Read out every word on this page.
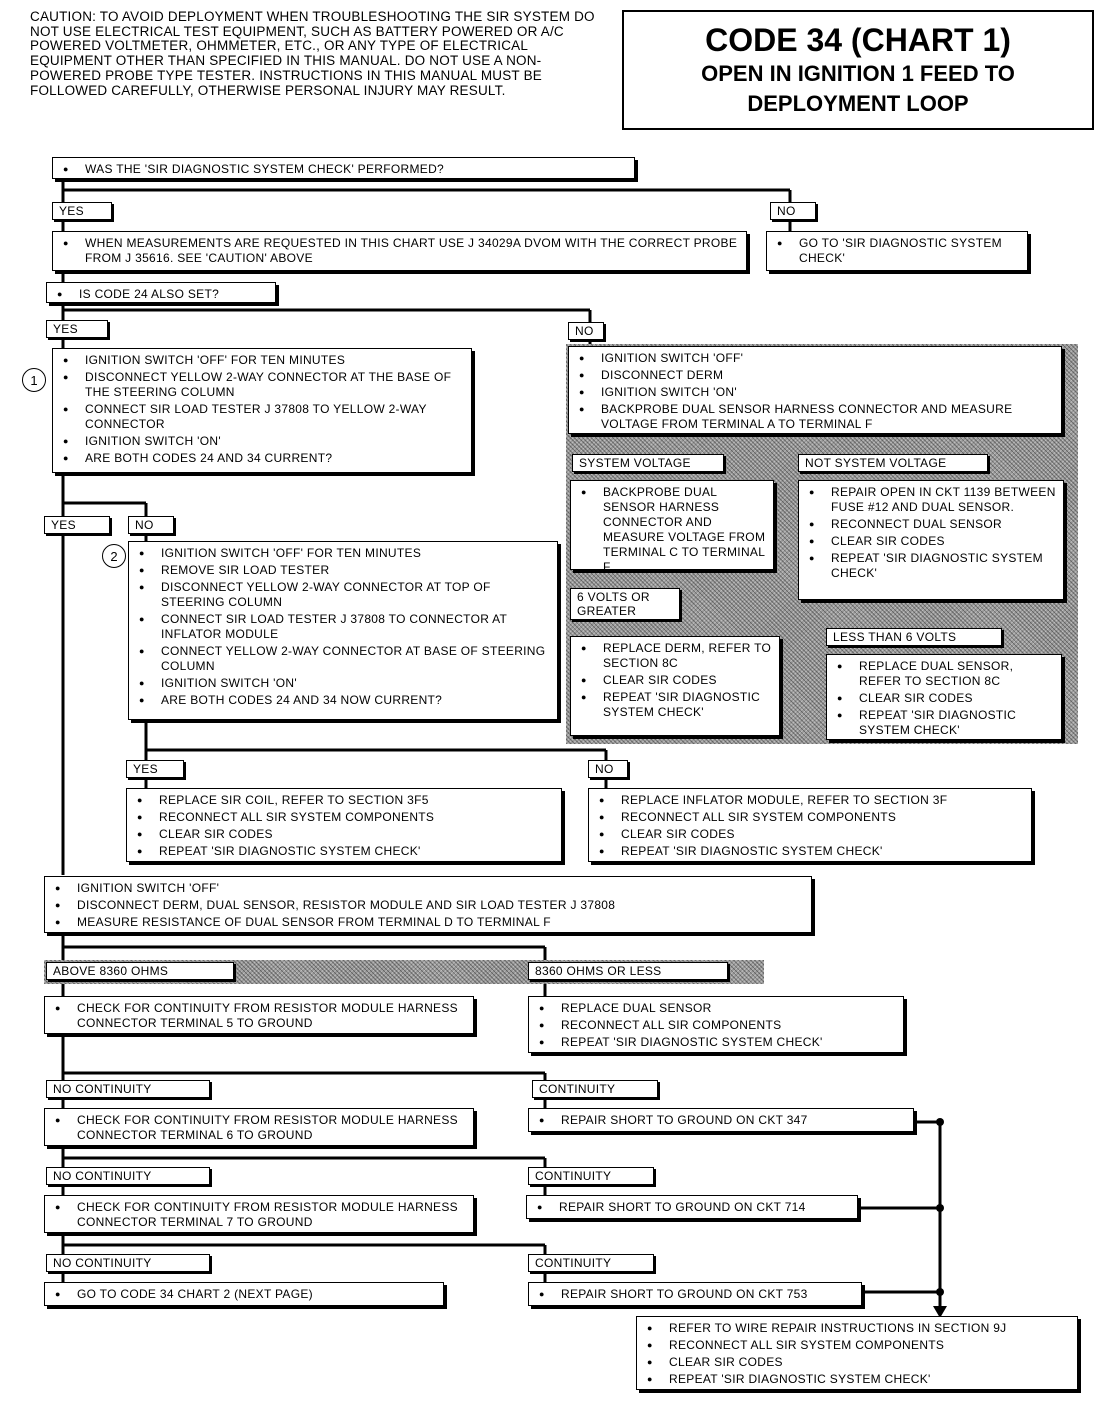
CAUTION: TO AVOID DEPLOYMENT WHEN TROUBLESHOOTING THE SIR SYSTEM DO NOT USE ELECTRICAL TEST EQUIPMENT, SUCH AS BATTERY POWERED OR A/C POWERED VOLTMETER, OHMMETER, ETC., OR ANY TYPE OF ELECTRICAL EQUIPMENT OTHER THAN SPECIFIED IN THIS MANUAL. DO NOT USE A NON-POWERED PROBE TYPE TESTER. INSTRUCTIONS IN THIS MANUAL MUST BE FOLLOWED CAREFULLY, OTHERWISE PERSONAL INJURY MAY RESULT.
CODE 34 (CHART 1)
OPEN IN IGNITION 1 FEED TO
DEPLOYMENT LOOP
1
2
● WAS THE 'SIR DIAGNOSTIC SYSTEM CHECK' PERFORMED?
YES	NO
● WHEN MEASUREMENTS ARE REQUESTED IN THIS CHART USE J 34029A DVOM WITH THE CORRECT PROBE FROM J 35616. SEE 'CAUTION' ABOVE
● GO TO 'SIR DIAGNOSTIC SYSTEM CHECK'
● IS CODE 24 ALSO SET?
YES	NO
● IGNITION SWITCH 'OFF' FOR TEN MINUTES
● DISCONNECT YELLOW 2-WAY CONNECTOR AT THE BASE OF THE STEERING COLUMN
● CONNECT SIR LOAD TESTER J 37808 TO YELLOW 2-WAY CONNECTOR
● IGNITION SWITCH 'ON'
● ARE BOTH CODES 24 AND 34 CURRENT?
● IGNITION SWITCH 'OFF'
● DISCONNECT DERM
● IGNITION SWITCH 'ON'
● BACKPROBE DUAL SENSOR HARNESS CONNECTOR AND MEASURE VOLTAGE FROM TERMINAL A TO TERMINAL F
SYSTEM VOLTAGE	NOT SYSTEM VOLTAGE
● BACKPROBE DUAL SENSOR HARNESS CONNECTOR AND MEASURE VOLTAGE FROM TERMINAL C TO TERMINAL F
● REPAIR OPEN IN CKT 1139 BETWEEN FUSE #12 AND DUAL SENSOR.
● RECONNECT DUAL SENSOR
● CLEAR SIR CODES
● REPEAT 'SIR DIAGNOSTIC SYSTEM CHECK'
6 VOLTS OR GREATER
LESS THAN 6 VOLTS
● REPLACE DERM, REFER TO SECTION 8C
● CLEAR SIR CODES
● REPEAT 'SIR DIAGNOSTIC SYSTEM CHECK'
● REPLACE DUAL SENSOR, REFER TO SECTION 8C
● CLEAR SIR CODES
● REPEAT 'SIR DIAGNOSTIC SYSTEM CHECK'
YES	NO
● IGNITION SWITCH 'OFF' FOR TEN MINUTES
● REMOVE SIR LOAD TESTER
● DISCONNECT YELLOW 2-WAY CONNECTOR AT TOP OF STEERING COLUMN
● CONNECT SIR LOAD TESTER J 37808 TO CONNECTOR AT INFLATOR MODULE
● CONNECT YELLOW 2-WAY CONNECTOR AT BASE OF STEERING COLUMN
● IGNITION SWITCH 'ON'
● ARE BOTH CODES 24 AND 34 NOW CURRENT?
YES	NO
● REPLACE SIR COIL, REFER TO SECTION 3F5
● RECONNECT ALL SIR SYSTEM COMPONENTS
● CLEAR SIR CODES
● REPEAT 'SIR DIAGNOSTIC SYSTEM CHECK'
● REPLACE INFLATOR MODULE, REFER TO SECTION 3F
● RECONNECT ALL SIR SYSTEM COMPONENTS
● CLEAR SIR CODES
● REPEAT 'SIR DIAGNOSTIC SYSTEM CHECK'
● IGNITION SWITCH 'OFF'
● DISCONNECT DERM, DUAL SENSOR, RESISTOR MODULE AND SIR LOAD TESTER J 37808
● MEASURE RESISTANCE OF DUAL SENSOR FROM TERMINAL D TO TERMINAL F
ABOVE 8360 OHMS	8360 OHMS OR LESS
● CHECK FOR CONTINUITY FROM RESISTOR MODULE HARNESS CONNECTOR TERMINAL 5 TO GROUND
● REPLACE DUAL SENSOR
● RECONNECT ALL SIR COMPONENTS
● REPEAT 'SIR DIAGNOSTIC SYSTEM CHECK'
NO CONTINUITY	CONTINUITY
● CHECK FOR CONTINUITY FROM RESISTOR MODULE HARNESS CONNECTOR TERMINAL 6 TO GROUND
● REPAIR SHORT TO GROUND ON CKT 347
NO CONTINUITY	CONTINUITY
● CHECK FOR CONTINUITY FROM RESISTOR MODULE HARNESS CONNECTOR TERMINAL 7 TO GROUND
● REPAIR SHORT TO GROUND ON CKT 714
NO CONTINUITY	CONTINUITY
● GO TO CODE 34 CHART 2 (NEXT PAGE)
●	REPAIR SHORT TO GROUND ON CKT 753
● REFER TO WIRE REPAIR INSTRUCTIONS IN SECTION 9J
● RECONNECT ALL SIR SYSTEM COMPONENTS
● CLEAR SIR CODES
● REPEAT 'SIR DIAGNOSTIC SYSTEM CHECK'
